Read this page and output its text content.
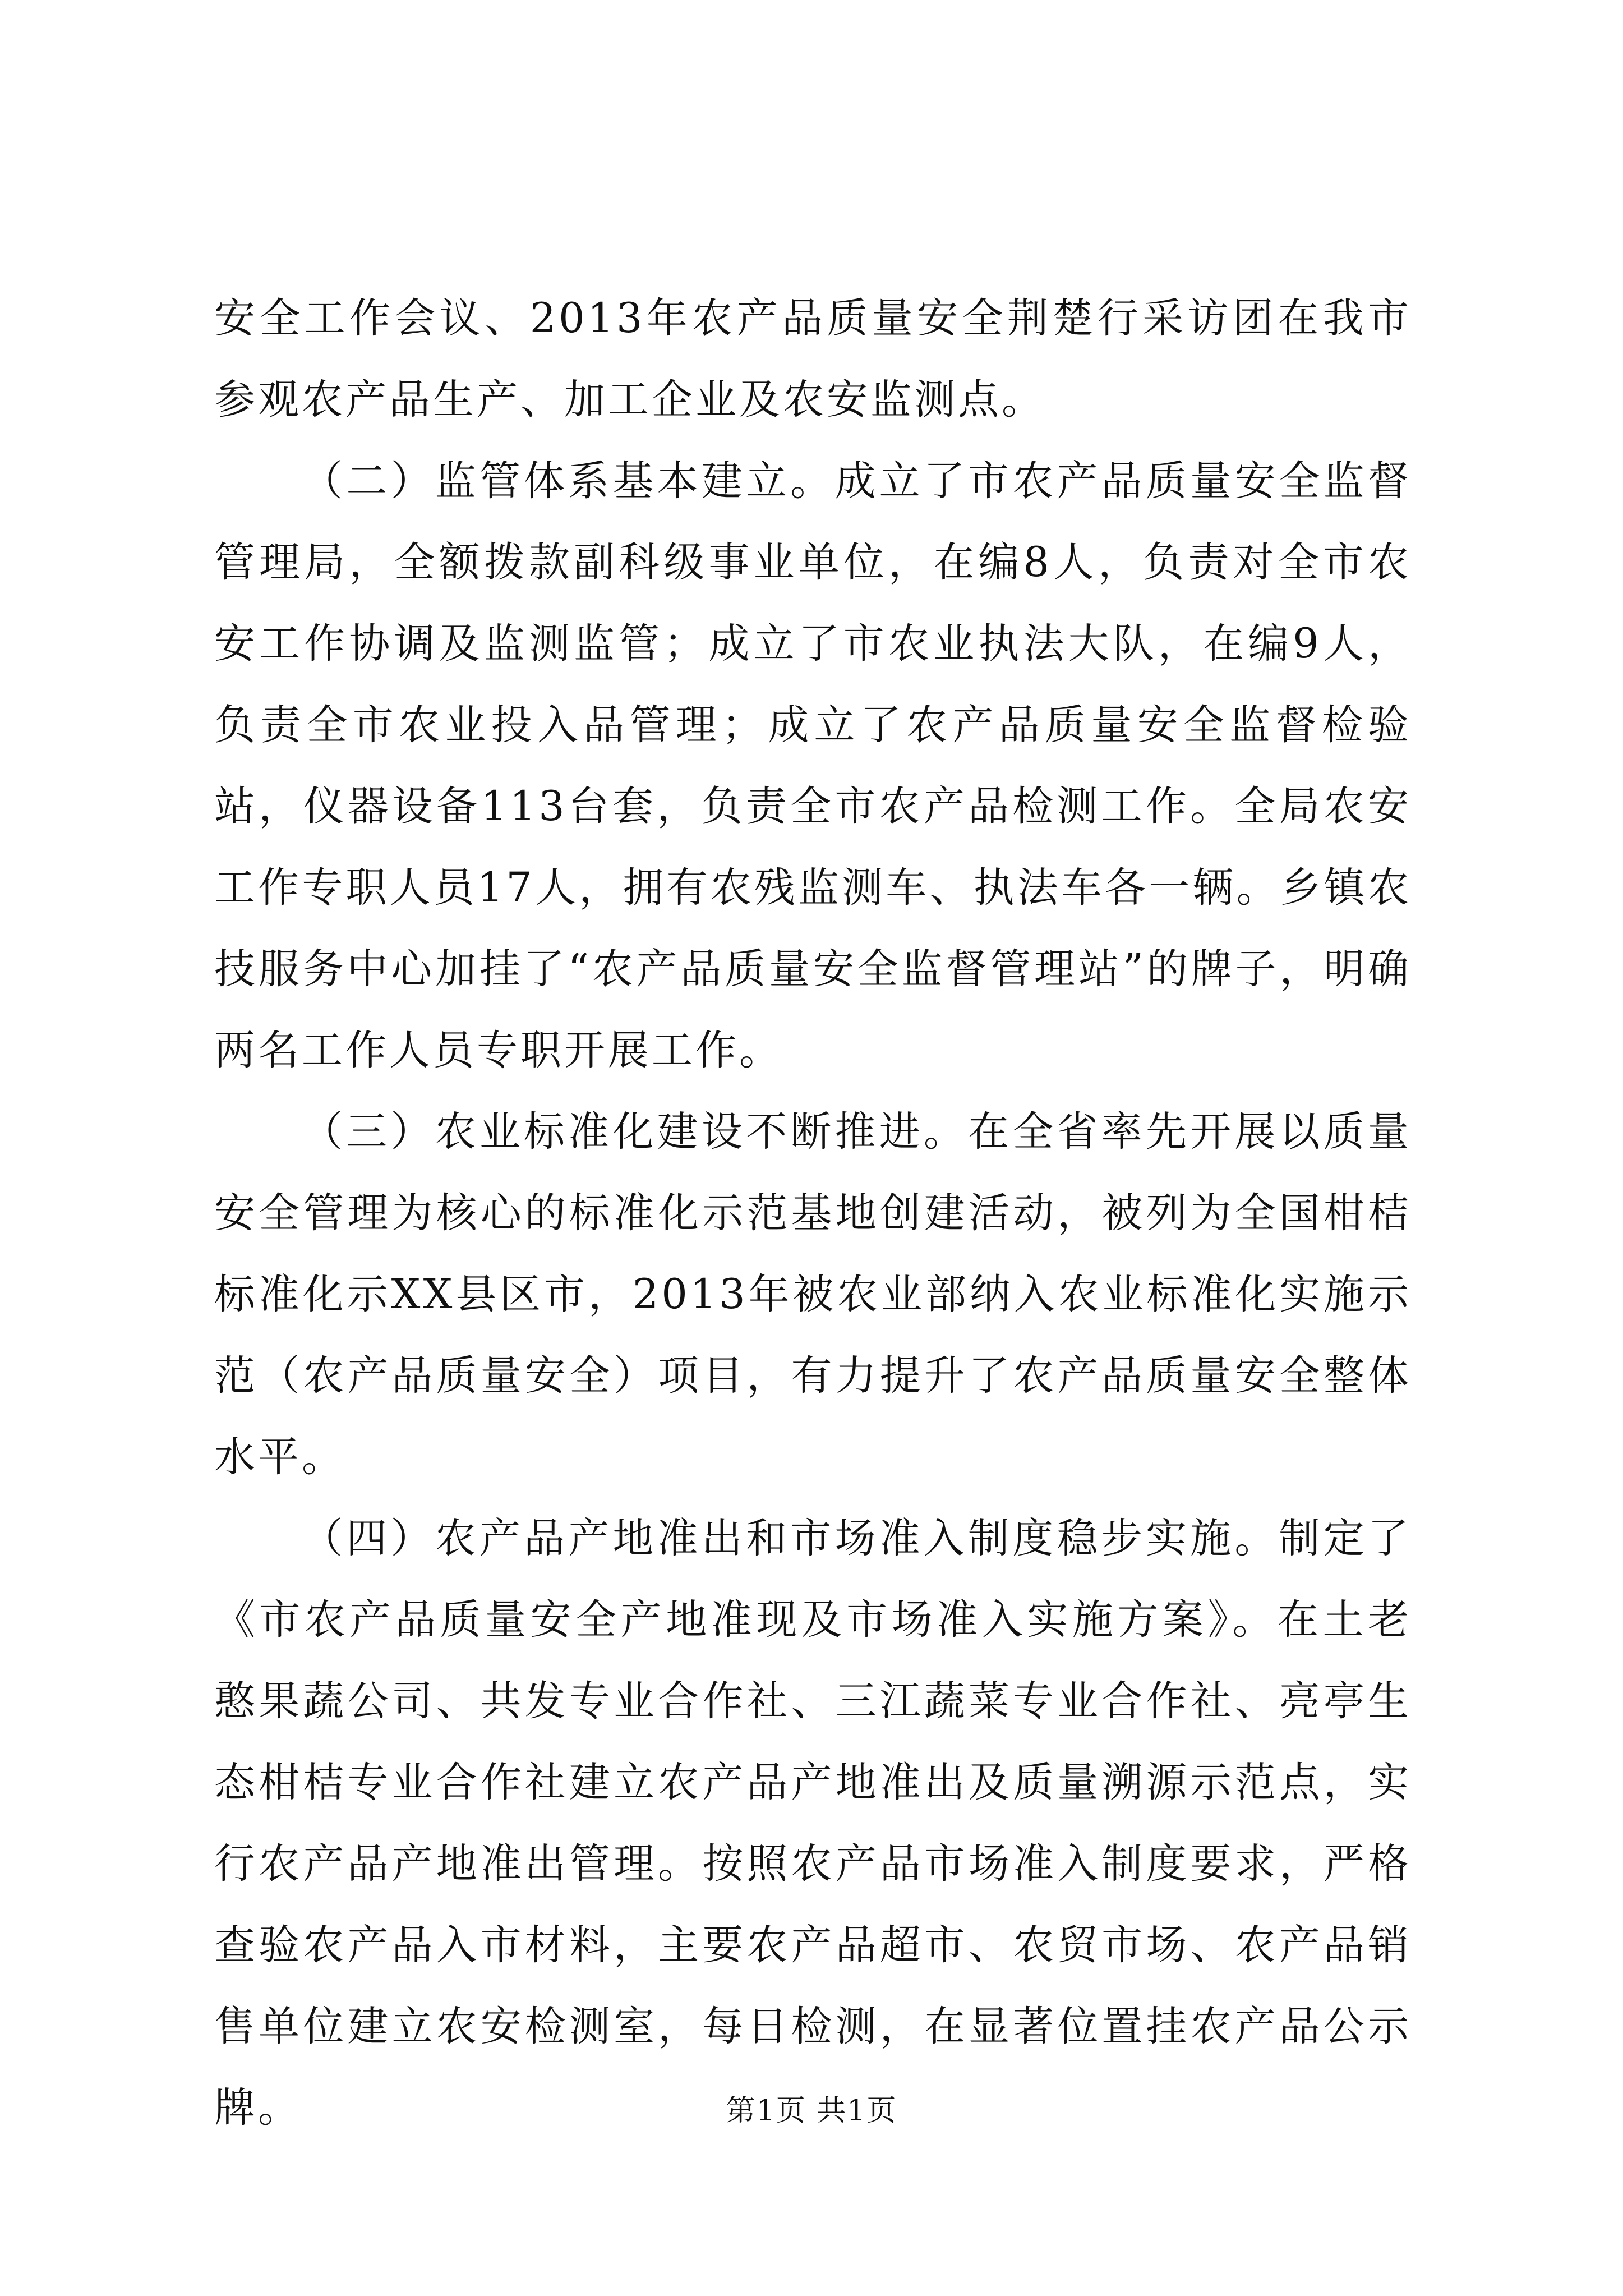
安全工作会议、2013年农产品质量安全荆楚行采访团在我市参观农产品生产、加工企业及农安监测点。

（二）监管体系基本建立。成立了市农产品质量安全监督管理局，全额拨款副科级事业单位，在编8人，负责对全市农安工作协调及监测监管；成立了市农业执法大队，在编9人，负责全市农业投入品管理；成立了农产品质量安全监督检验站，仪器设备113台套，负责全市农产品检测工作。全局农安工作专职人员17人，拥有农残监测车、执法车各一辆。乡镇农技服务中心加挂了“农产品质量安全监督管理站”的牌子，明确两名工作人员专职开展工作。

（三）农业标准化建设不断推进。在全省率先开展以质量安全管理为核心的标准化示范基地创建活动，被列为全国柑桔标准化示XX县区市，2013年被农业部纳入农业标准化实施示范（农产品质量安全）项目，有力提升了农产品质量安全整体水平。

（四）农产品产地准出和市场准入制度稳步实施。制定了《市农产品质量安全产地准现及市场准入实施方案》。在土老憨果蔬公司、共发专业合作社、三江蔬菜专业合作社、亮亭生态柑桔专业合作社建立农产品产地准出及质量溯源示范点，实行农产品产地准出管理。按照农产品市场准入制度要求，严格查验农产品入市材料，主要农产品超市、农贸市场、农产品销售单位建立农安检测室，每日检测，在显著位置挂农产品公示牌。	第1页 共1页
